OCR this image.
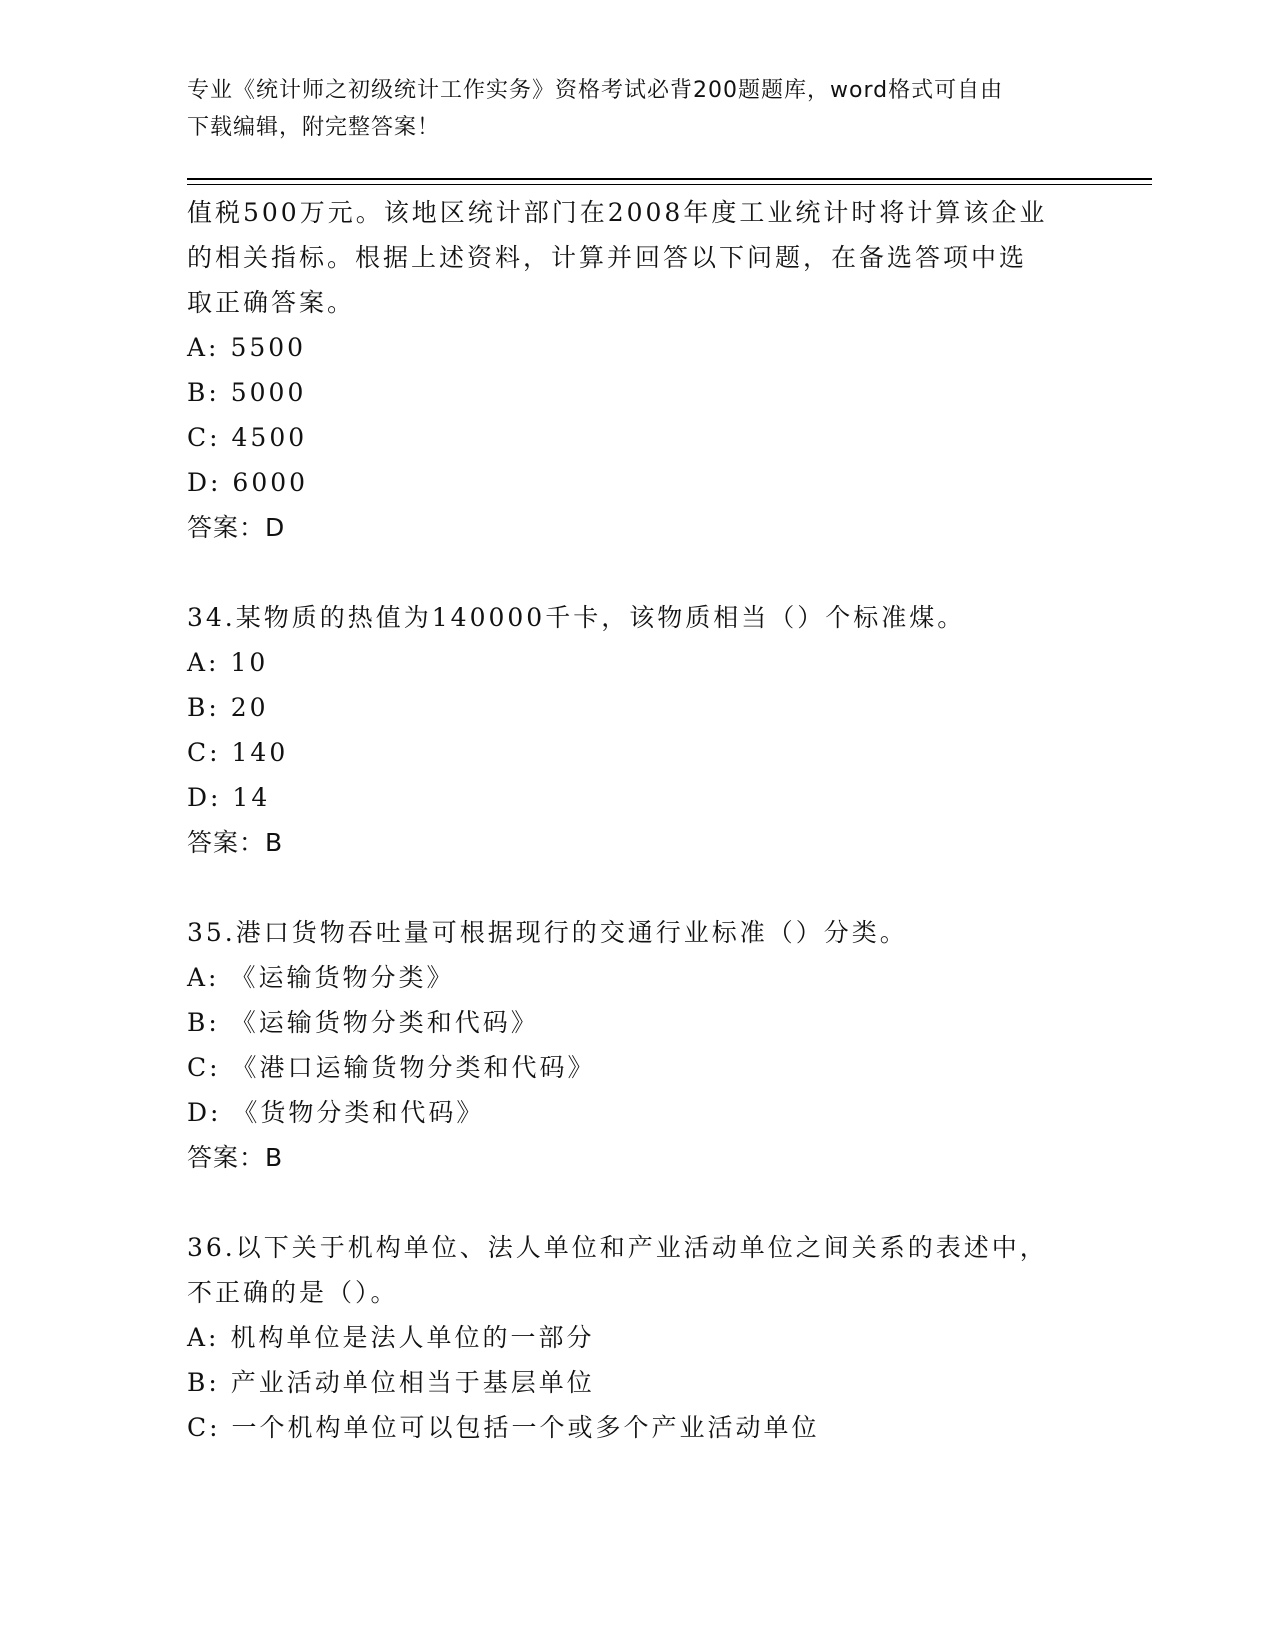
专业《统计师之初级统计工作实务》资格考试必背200题题库，word格式可自由
下载编辑，附完整答案！
值税500万元。该地区统计部门在2008年度工业统计时将计算该企业
的相关指标。根据上述资料，计算并回答以下问题，在备选答项中选
取正确答案。
A: 5500
B: 5000
C: 4500
D: 6000
答案：D
34.某物质的热值为140000千卡，该物质相当（）个标准煤。
A: 10
B: 20
C: 140
D: 14
答案：B
35.港口货物吞吐量可根据现行的交通行业标准（）分类。
A: 《运输货物分类》
B: 《运输货物分类和代码》
C: 《港口运输货物分类和代码》
D: 《货物分类和代码》
答案：B
36.以下关于机构单位、法人单位和产业活动单位之间关系的表述中，
不正确的是（）。
A: 机构单位是法人单位的一部分
B: 产业活动单位相当于基层单位
C: 一个机构单位可以包括一个或多个产业活动单位
